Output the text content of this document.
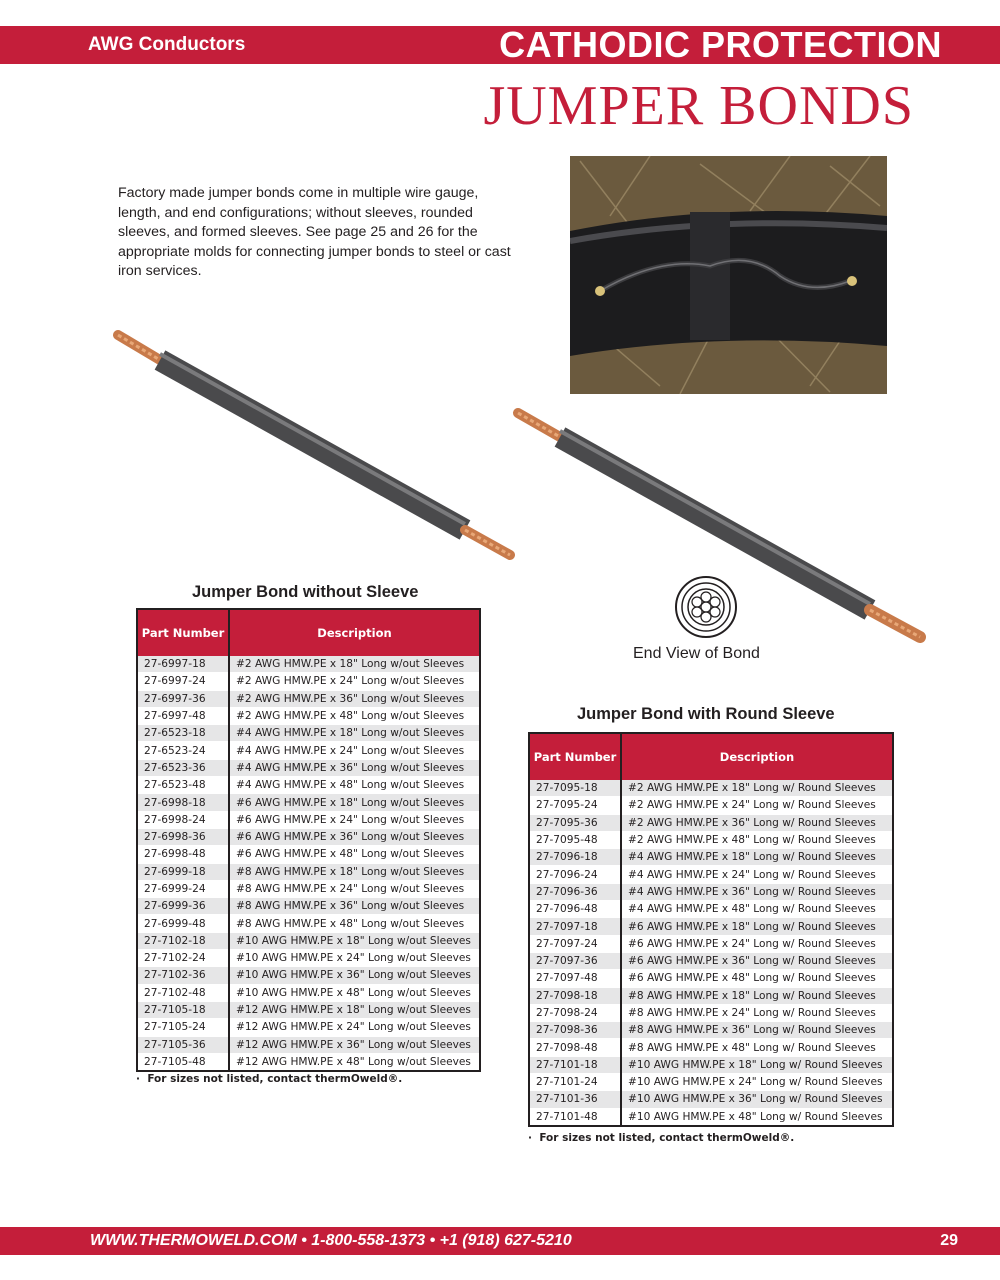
AWG Conductors	CATHODIC PROTECTION
JUMPER BONDS
Factory made jumper bonds come in multiple wire gauge, length, and end configurations; without sleeves, rounded sleeves, and formed sleeves. See page 25 and 26 for the appropriate molds for connecting jumper bonds to steel or cast iron services.
End View of Bond
Jumper Bond without Sleeve
Part Number	Description
27-6997-18	#2 AWG HMW.PE x 18" Long w/out Sleeves
27-6997-24	#2 AWG HMW.PE x 24" Long w/out Sleeves
27-6997-36	#2 AWG HMW.PE x 36" Long w/out Sleeves
27-6997-48	#2 AWG HMW.PE x 48" Long w/out Sleeves
27-6523-18	#4 AWG HMW.PE x 18" Long w/out Sleeves
27-6523-24	#4 AWG HMW.PE x 24" Long w/out Sleeves
27-6523-36	#4 AWG HMW.PE x 36" Long w/out Sleeves
27-6523-48	#4 AWG HMW.PE x 48" Long w/out Sleeves
27-6998-18	#6 AWG HMW.PE x 18" Long w/out Sleeves
27-6998-24	#6 AWG HMW.PE x 24" Long w/out Sleeves
27-6998-36	#6 AWG HMW.PE x 36" Long w/out Sleeves
27-6998-48	#6 AWG HMW.PE x 48" Long w/out Sleeves
27-6999-18	#8 AWG HMW.PE x 18" Long w/out Sleeves
27-6999-24	#8 AWG HMW.PE x 24" Long w/out Sleeves
27-6999-36	#8 AWG HMW.PE x 36" Long w/out Sleeves
27-6999-48	#8 AWG HMW.PE x 48" Long w/out Sleeves
27-7102-18	#10 AWG HMW.PE x 18" Long w/out Sleeves
27-7102-24	#10 AWG HMW.PE x 24" Long w/out Sleeves
27-7102-36	#10 AWG HMW.PE x 36" Long w/out Sleeves
27-7102-48	#10 AWG HMW.PE x 48" Long w/out Sleeves
27-7105-18	#12 AWG HMW.PE x 18" Long w/out Sleeves
27-7105-24	#12 AWG HMW.PE x 24" Long w/out Sleeves
27-7105-36	#12 AWG HMW.PE x 36" Long w/out Sleeves
27-7105-48	#12 AWG HMW.PE x 48" Long w/out Sleeves
·  For sizes not listed, contact thermOweld®.
Jumper Bond with Round Sleeve
Part Number	Description
27-7095-18	#2 AWG HMW.PE x 18" Long w/ Round Sleeves
27-7095-24	#2 AWG HMW.PE x 24" Long w/ Round Sleeves
27-7095-36	#2 AWG HMW.PE x 36" Long w/ Round Sleeves
27-7095-48	#2 AWG HMW.PE x 48" Long w/ Round Sleeves
27-7096-18	#4 AWG HMW.PE x 18" Long w/ Round Sleeves
27-7096-24	#4 AWG HMW.PE x 24" Long w/ Round Sleeves
27-7096-36	#4 AWG HMW.PE x 36" Long w/ Round Sleeves
27-7096-48	#4 AWG HMW.PE x 48" Long w/ Round Sleeves
27-7097-18	#6 AWG HMW.PE x 18" Long w/ Round Sleeves
27-7097-24	#6 AWG HMW.PE x 24" Long w/ Round Sleeves
27-7097-36	#6 AWG HMW.PE x 36" Long w/ Round Sleeves
27-7097-48	#6 AWG HMW.PE x 48" Long w/ Round Sleeves
27-7098-18	#8 AWG HMW.PE x 18" Long w/ Round Sleeves
27-7098-24	#8 AWG HMW.PE x 24" Long w/ Round Sleeves
27-7098-36	#8 AWG HMW.PE x 36" Long w/ Round Sleeves
27-7098-48	#8 AWG HMW.PE x 48" Long w/ Round Sleeves
27-7101-18	#10 AWG HMW.PE x 18" Long w/ Round Sleeves
27-7101-24	#10 AWG HMW.PE x 24" Long w/ Round Sleeves
27-7101-36	#10 AWG HMW.PE x 36" Long w/ Round Sleeves
27-7101-48	#10 AWG HMW.PE x 48" Long w/ Round Sleeves
·  For sizes not listed, contact thermOweld®.
WWW.THERMOWELD.COM • 1-800-558-1373 • +1 (918) 627-5210	29
